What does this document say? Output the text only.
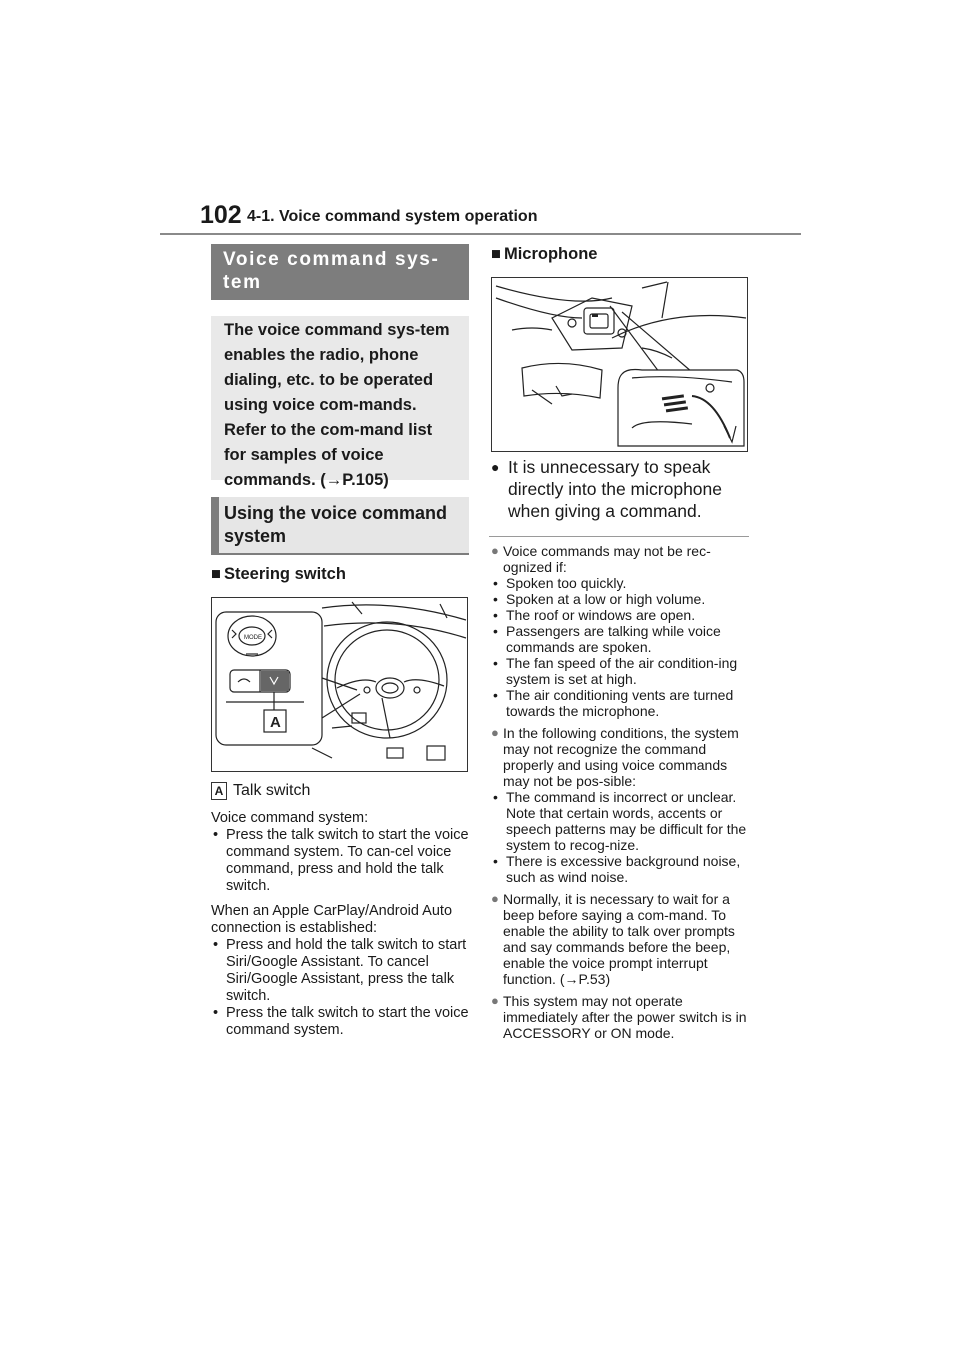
102 4-1. Voice command system operation
Voice command sys-tem
The voice command sys-tem enables the radio, phone dialing, etc. to be operated using voice com-mands. Refer to the com-mand list for samples of voice commands. (→P.105)
Using the voice command system
■ Steering switch
MODE
A
A Talk switch
Voice command system:
• Press the talk switch to start the voice command system. To can-cel voice command, press and hold the talk switch.
When an Apple CarPlay/Android Auto connection is established:
• Press and hold the talk switch to start Siri/Google Assistant. To cancel Siri/Google Assistant, press the talk switch.
• Press the talk switch to start the voice command system.
■ Microphone
● It is unnecessary to speak directly into the microphone when giving a command.
● Voice commands may not be rec-ognized if:
• Spoken too quickly.
• Spoken at a low or high volume.
• The roof or windows are open.
• Passengers are talking while voice commands are spoken.
• The fan speed of the air condition-ing system is set at high.
• The air conditioning vents are turned towards the microphone.
● In the following conditions, the system may not recognize the command properly and using voice commands may not be pos-sible:
• The command is incorrect or unclear. Note that certain words, accents or speech patterns may be difficult for the system to recog-nize.
• There is excessive background noise, such as wind noise.
● Normally, it is necessary to wait for a beep before saying a com-mand. To enable the ability to talk over prompts and say commands before the beep, enable the voice prompt interrupt function. (→P.53)
● This system may not operate immediately after the power switch is in ACCESSORY or ON mode.
